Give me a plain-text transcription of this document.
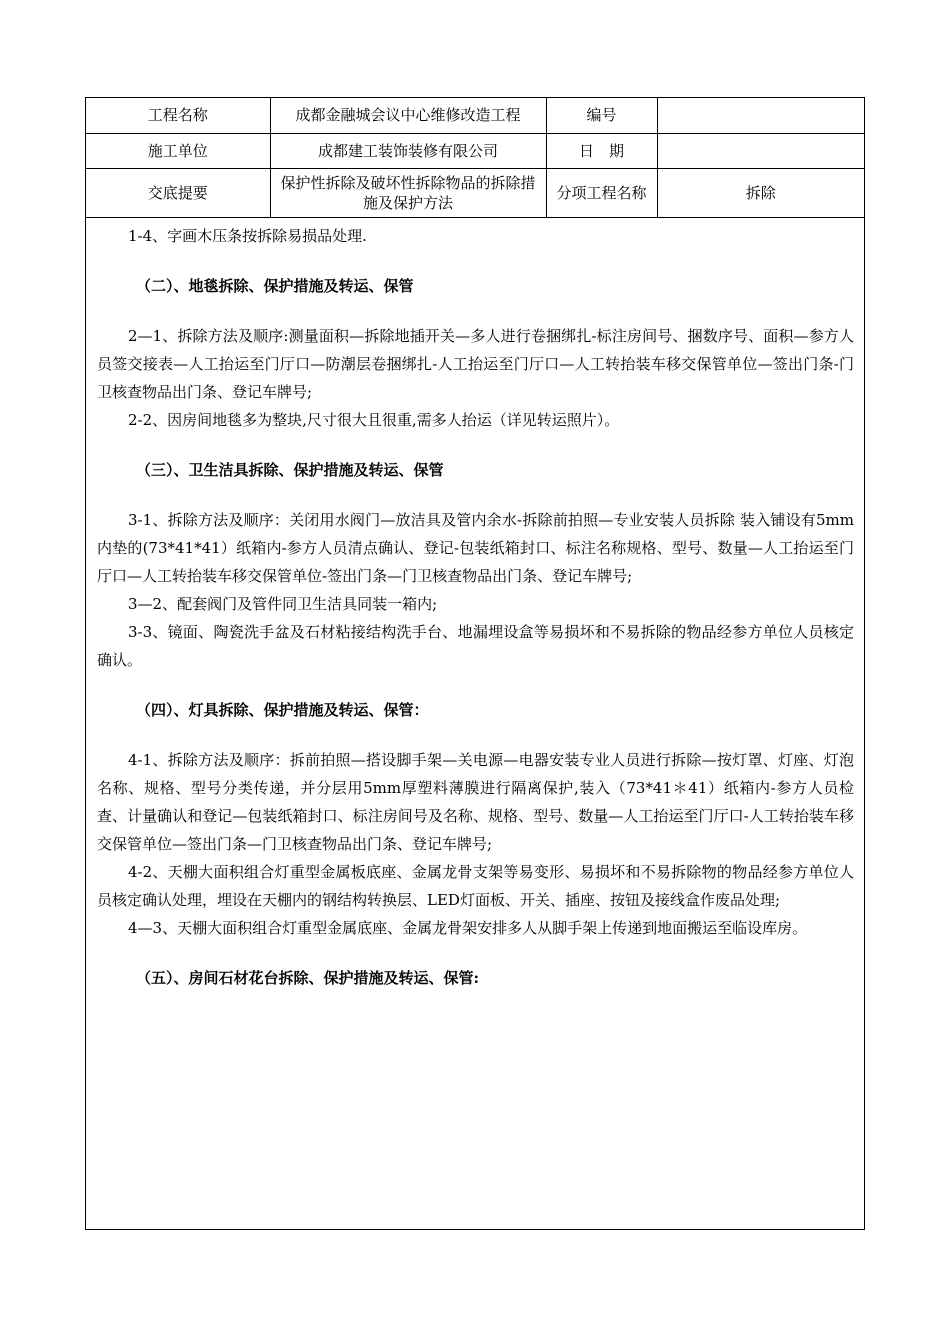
工程名称	成都金融城会议中心维修改造工程	编号	
施工单位	成都建工装饰装修有限公司	日　期	
交底提要	保护性拆除及破坏性拆除物品的拆除措施及保护方法	分项工程名称	拆除

1-4、字画木压条按拆除易损品处理.

（二）、地毯拆除、保护措施及转运、保管

2—1、拆除方法及顺序:测量面积—拆除地插开关—多人进行卷捆绑扎-标注房间号、捆数序号、面积—参方人员签交接表—人工抬运至门厅口—防潮层卷捆绑扎-人工抬运至门厅口—人工转抬装车移交保管单位—签出门条-门卫核查物品出门条、登记车牌号;

2-2、因房间地毯多为整块,尺寸很大且很重,需多人抬运（详见转运照片）。

（三）、卫生洁具拆除、保护措施及转运、保管

3-1、拆除方法及顺序：关闭用水阀门—放洁具及管内余水-拆除前拍照—专业安装人员拆除 装入铺设有5mm内垫的(73*41*41）纸箱内-参方人员清点确认、登记-包装纸箱封口、标注名称规格、型号、数量—人工抬运至门厅口—人工转抬装车移交保管单位-签出门条—门卫核查物品出门条、登记车牌号;

3—2、配套阀门及管件同卫生洁具同装一箱内;

3-3、镜面、陶瓷洗手盆及石材粘接结构洗手台、地漏埋设盒等易损坏和不易拆除的物品经参方单位人员核定确认。

（四）、灯具拆除、保护措施及转运、保管：

4-1、拆除方法及顺序：拆前拍照—搭设脚手架—关电源—电器安装专业人员进行拆除—按灯罩、灯座、灯泡名称、规格、型号分类传递，并分层用5mm厚塑料薄膜进行隔离保护,装入（73*41＊41）纸箱内-参方人员检查、计量确认和登记—包装纸箱封口、标注房间号及名称、规格、型号、数量—人工抬运至门厅口-人工转抬装车移交保管单位—签出门条—门卫核查物品出门条、登记车牌号;

4-2、天棚大面积组合灯重型金属板底座、金属龙骨支架等易变形、易损坏和不易拆除物的物品经参方单位人员核定确认处理，埋设在天棚内的钢结构转换层、LED灯面板、开关、插座、按钮及接线盒作废品处理;

4—3、天棚大面积组合灯重型金属底座、金属龙骨架安排多人从脚手架上传递到地面搬运至临设库房。

（五）、房间石材花台拆除、保护措施及转运、保管:
